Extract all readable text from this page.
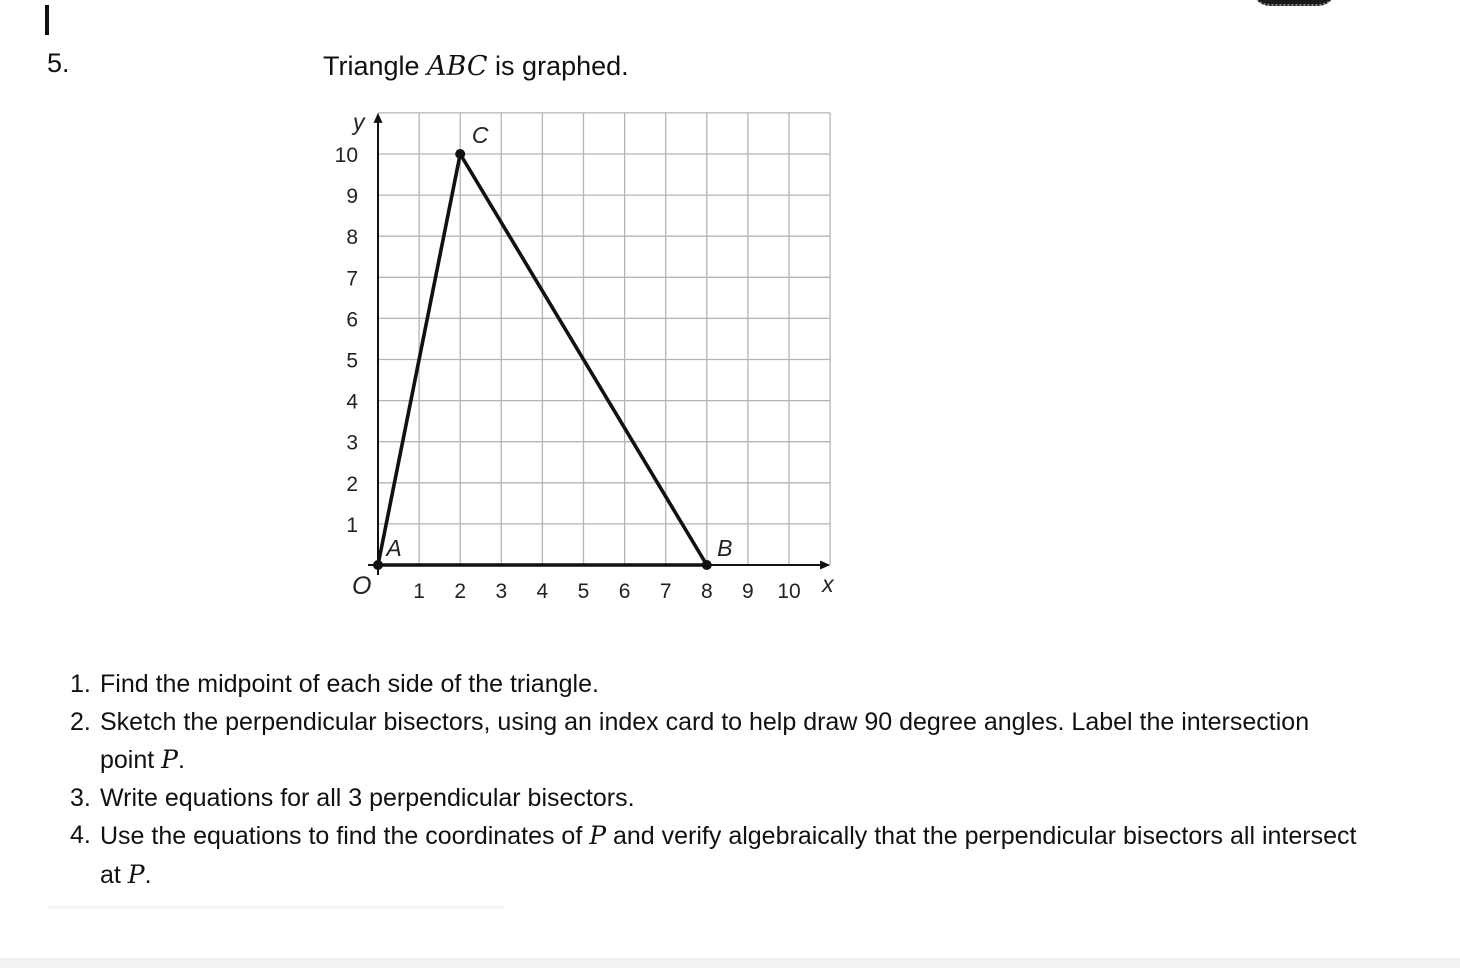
5.	Triangle ABC is graphed.
1 2 3 4 5 6 7 8 9 10
1
2
3
4
5
6
7
8
9
10
x
y
O
A	B
C
1. Find the midpoint of each side of the triangle.
2. Sketch the perpendicular bisectors, using an index card to help draw 90 degree angles. Label the intersection point P.
3. Write equations for all 3 perpendicular bisectors.
4. Use the equations to find the coordinates of P and verify algebraically that the perpendicular bisectors all intersect at P.
